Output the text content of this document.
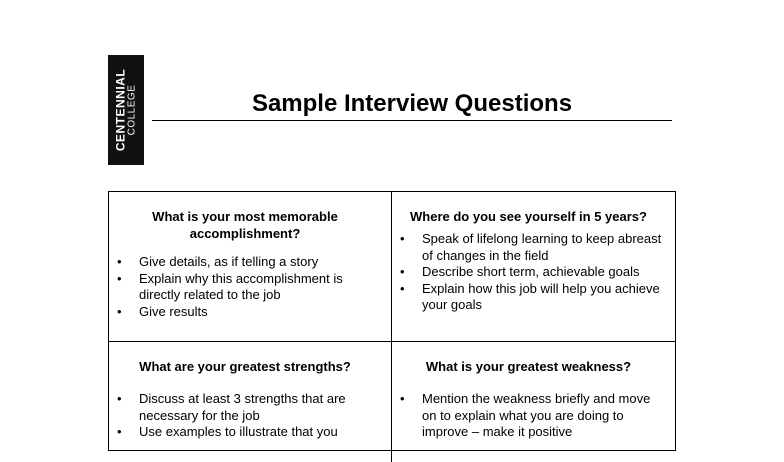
CENTENNIAL COLLEGE	Sample Interview Questions
What is your most memorable accomplishment?
• Give details, as if telling a story
• Explain why this accomplishment is directly related to the job
• Give results
Where do you see yourself in 5 years?
• Speak of lifelong learning to keep abreast of changes in the field
• Describe short term, achievable goals
• Explain how this job will help you achieve your goals
What are your greatest strengths?
• Discuss at least 3 strengths that are necessary for the job
• Use examples to illustrate that you
What is your greatest weakness?
• Mention the weakness briefly and move on to explain what you are doing to improve – make it positive
